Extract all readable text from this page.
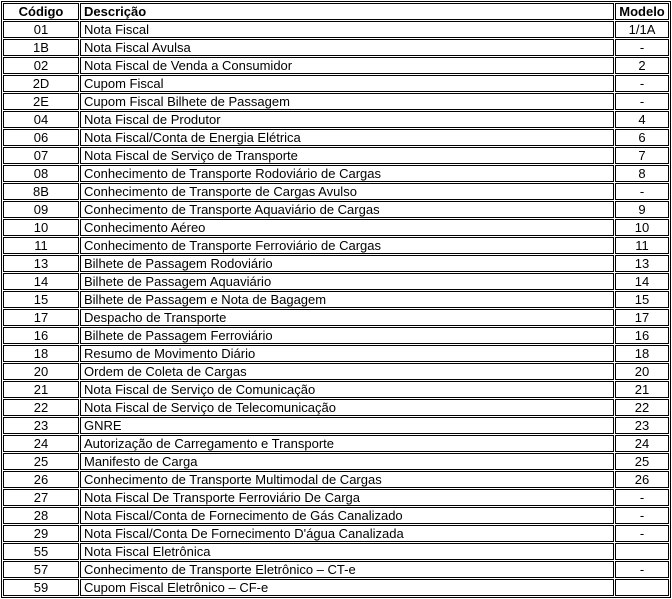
Código	Descrição	Modelo
01	Nota Fiscal	1/1A
1B	Nota Fiscal Avulsa	-
02	Nota Fiscal de Venda a Consumidor	2
2D	Cupom Fiscal	-
2E	Cupom Fiscal Bilhete de Passagem	-
04	Nota Fiscal de Produtor	4
06	Nota Fiscal/Conta de Energia Elétrica	6
07	Nota Fiscal de Serviço de Transporte	7
08	Conhecimento de Transporte Rodoviário de Cargas	8
8B	Conhecimento de Transporte de Cargas Avulso	-
09	Conhecimento de Transporte Aquaviário de Cargas	9
10	Conhecimento Aéreo	10
11	Conhecimento de Transporte Ferroviário de Cargas	11
13	Bilhete de Passagem Rodoviário	13
14	Bilhete de Passagem Aquaviário	14
15	Bilhete de Passagem e Nota de Bagagem	15
17	Despacho de Transporte	17
16	Bilhete de Passagem Ferroviário	16
18	Resumo de Movimento Diário	18
20	Ordem de Coleta de Cargas	20
21	Nota Fiscal de Serviço de Comunicação	21
22	Nota Fiscal de Serviço de Telecomunicação	22
23	GNRE	23
24	Autorização de Carregamento e Transporte	24
25	Manifesto de Carga	25
26	Conhecimento de Transporte Multimodal de Cargas	26
27	Nota Fiscal De Transporte Ferroviário De Carga	-
28	Nota Fiscal/Conta de Fornecimento de Gás Canalizado	-
29	Nota Fiscal/Conta De Fornecimento D'água Canalizada	-
55	Nota Fiscal Eletrônica	
57	Conhecimento de Transporte Eletrônico – CT-e	-
59	Cupom Fiscal Eletrônico – CF-e	
